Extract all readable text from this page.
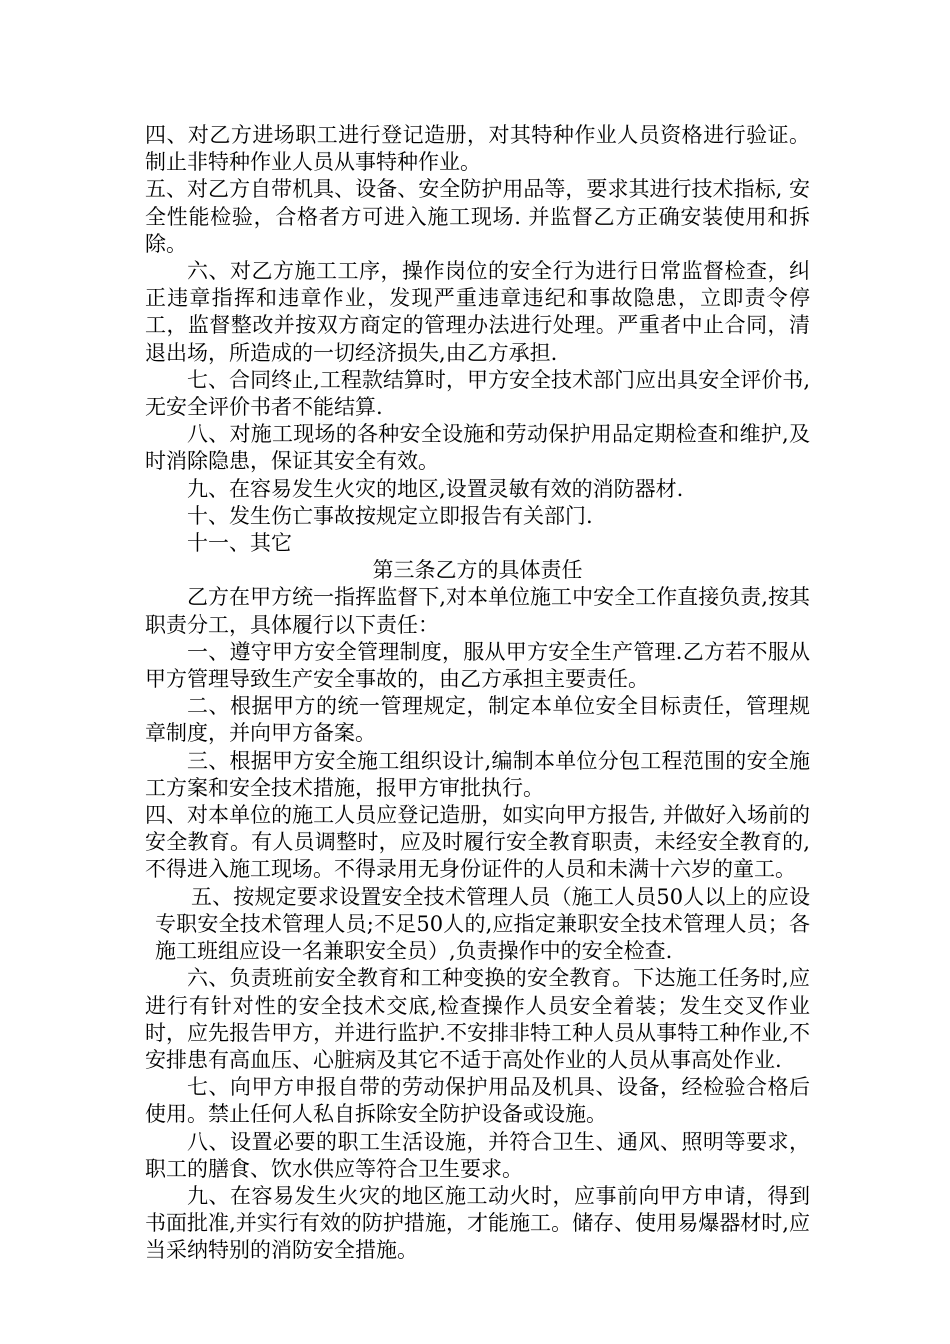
四、对乙方进场职工进行登记造册，对其特种作业人员资格进行验证。制止非特种作业人员从事特种作业。

五、对乙方自带机具、设备、安全防护用品等，要求其进行技术指标, 安全性能检验，合格者方可进入施工现场. 并监督乙方正确安装使用和拆除。

六、对乙方施工工序，操作岗位的安全行为进行日常监督检查，纠正违章指挥和违章作业，发现严重违章违纪和事故隐患，立即责令停工，监督整改并按双方商定的管理办法进行处理。严重者中止合同，清退出场，所造成的一切经济损失,由乙方承担.

七、合同终止,工程款结算时，甲方安全技术部门应出具安全评价书,无安全评价书者不能结算.

八、对施工现场的各种安全设施和劳动保护用品定期检查和维护,及时消除隐患，保证其安全有效。

九、在容易发生火灾的地区,设置灵敏有效的消防器材.

十、发生伤亡事故按规定立即报告有关部门.

十一、其它

第三条乙方的具体责任

乙方在甲方统一指挥监督下,对本单位施工中安全工作直接负责,按其职责分工，具体履行以下责任：

一、遵守甲方安全管理制度，服从甲方安全生产管理.乙方若不服从甲方管理导致生产安全事故的，由乙方承担主要责任。

二、根据甲方的统一管理规定，制定本单位安全目标责任，管理规章制度，并向甲方备案。

三、根据甲方安全施工组织设计,编制本单位分包工程范围的安全施工方案和安全技术措施，报甲方审批执行。

四、对本单位的施工人员应登记造册，如实向甲方报告, 并做好入场前的安全教育。有人员调整时，应及时履行安全教育职责，未经安全教育的, 不得进入施工现场。不得录用无身份证件的人员和未满十六岁的童工。

五、按规定要求设置安全技术管理人员（施工人员50人以上的应设专职安全技术管理人员;不足50人的,应指定兼职安全技术管理人员；各施工班组应设一名兼职安全员）,负责操作中的安全检查.

六、负责班前安全教育和工种变换的安全教育。下达施工任务时,应进行有针对性的安全技术交底,检查操作人员安全着装；发生交叉作业时，应先报告甲方，并进行监护.不安排非特工种人员从事特工种作业,不安排患有高血压、心脏病及其它不适于高处作业的人员从事高处作业.

七、向甲方申报自带的劳动保护用品及机具、设备，经检验合格后使用。禁止任何人私自拆除安全防护设备或设施。

八、设置必要的职工生活设施，并符合卫生、通风、照明等要求，职工的膳食、饮水供应等符合卫生要求。

九、在容易发生火灾的地区施工动火时，应事前向甲方申请，得到书面批准,并实行有效的防护措施，才能施工。储存、使用易爆器材时,应当采纳特别的消防安全措施。
